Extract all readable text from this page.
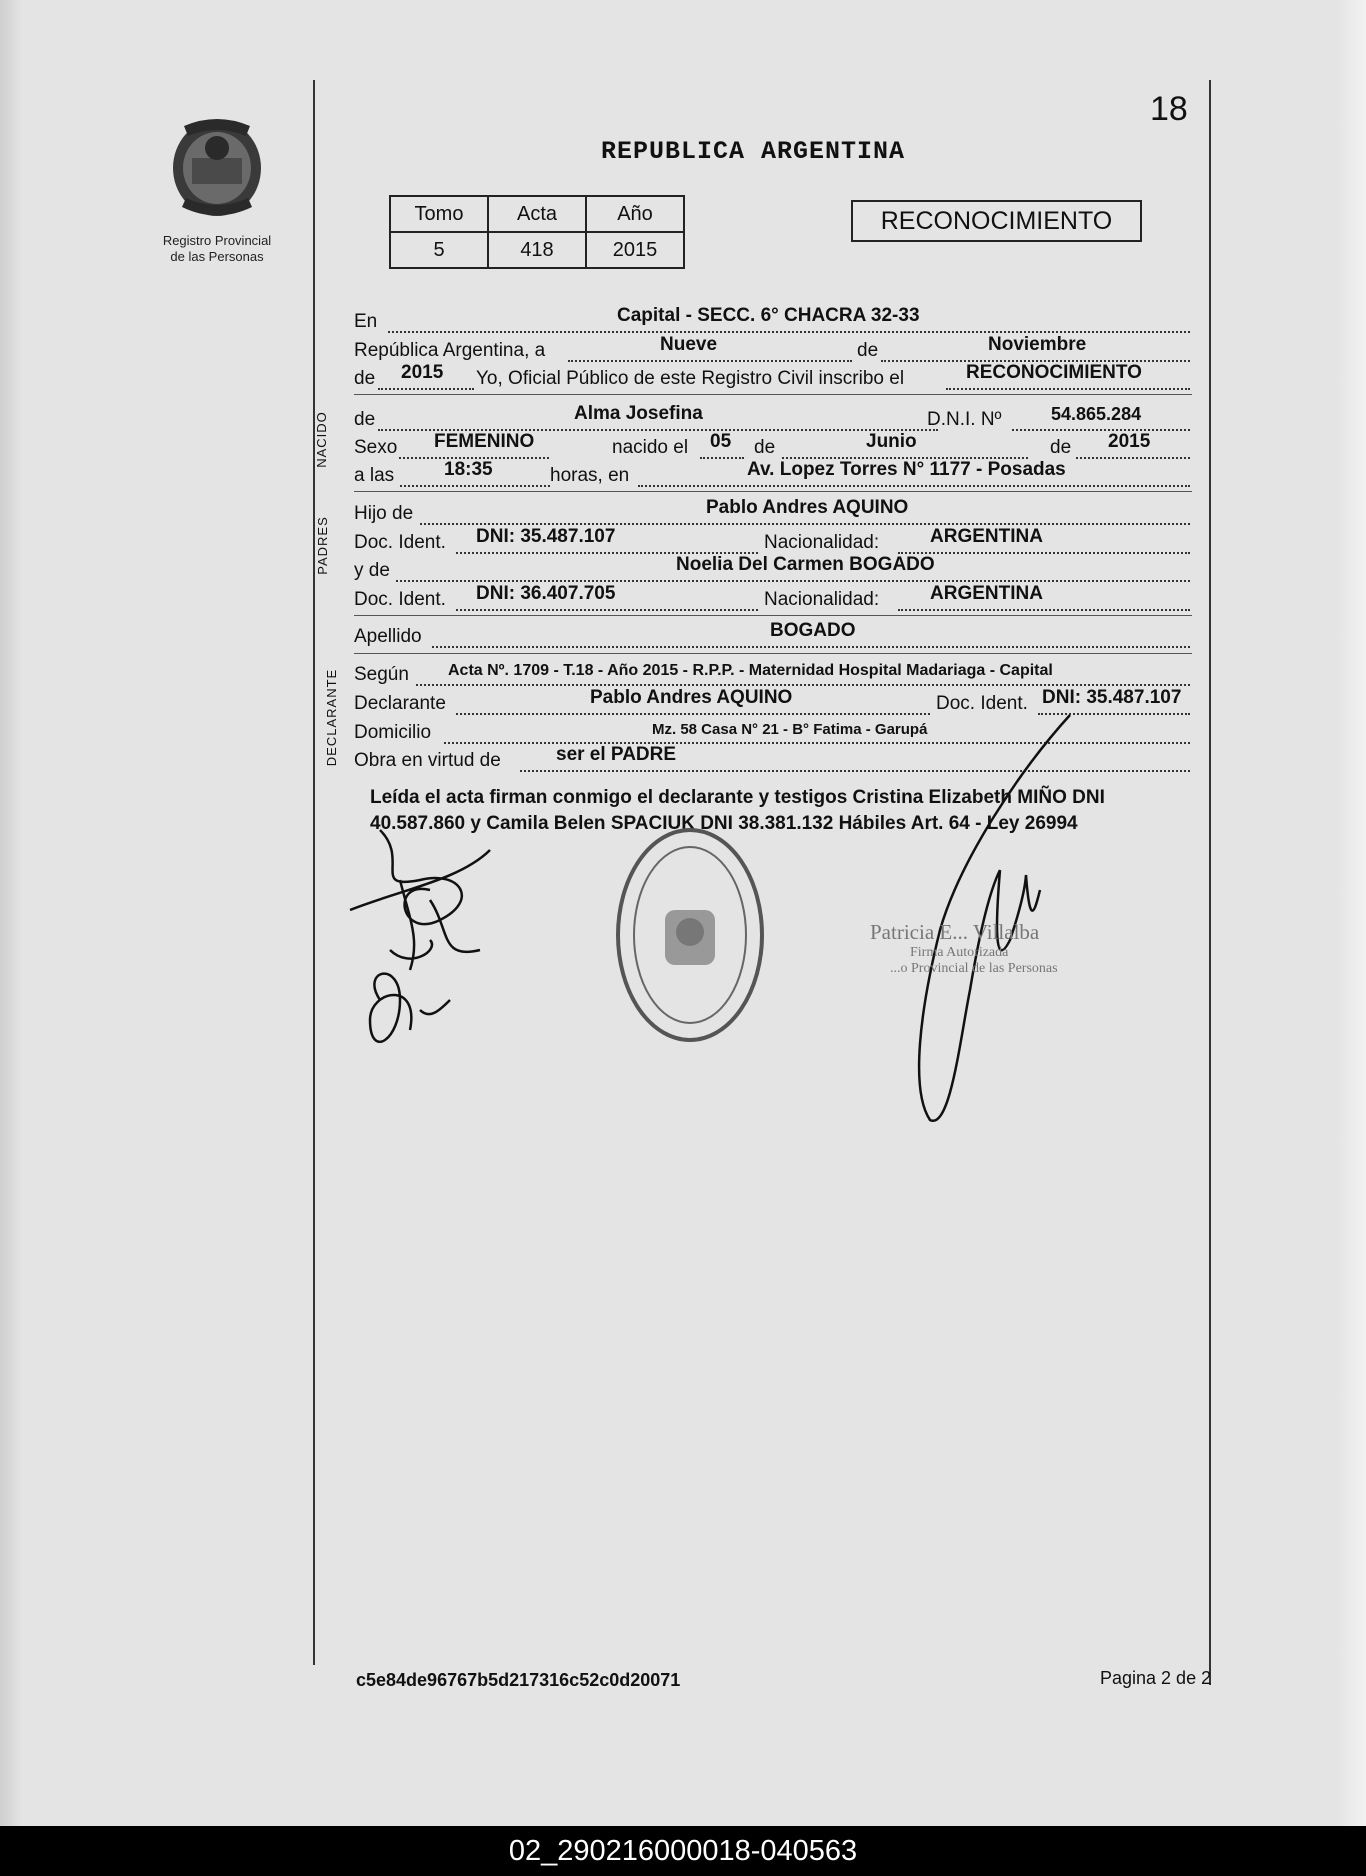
Registro Provincial
de las Personas
18
REPUBLICA ARGENTINA
Tomo	Acta	Año
5	418	2015
RECONOCIMIENTO
En	Capital - SECC. 6° CHACRA 32-33
República Argentina, a	Nueve	de	Noviembre
de 2015 Yo, Oficial Público de este Registro Civil inscribo el	RECONOCIMIENTO
NACIDO de	Alma Josefina	D.N.I. Nº	54.865.284
Sexo FEMENINO	nacido el 05 de	Junio	de 2015
a las	18:35	horas, en	Av. Lopez Torres N° 1177 - Posadas
PADRES
Hijo de	Pablo Andres AQUINO
Doc. Ident. DNI: 35.487.107	Nacionalidad:	ARGENTINA
y de	Noelia Del Carmen BOGADO
Doc. Ident. DNI: 36.407.705	Nacionalidad:	ARGENTINA
Apellido	BOGADO
DECLARANTE Según Acta Nº. 1709 - T.18 - Año 2015 - R.P.P. - Maternidad Hospital Madariaga - Capital
Declarante	Pablo Andres AQUINO	Doc. Ident. DNI: 35.487.107
Domicilio	Mz. 58 Casa N° 21 - B° Fatima - Garupá
Obra en virtud de	ser el PADRE
Leída el acta firman conmigo el declarante y testigos Cristina Elizabeth MIÑO DNI 40.587.860 y Camila Belen SPACIUK DNI 38.381.132 Hábiles Art. 64 - Ley 26994
Patricia E... Villalba
Firma Autorizada
...o Provincial de las Personas
c5e84de96767b5d217316c52c0d20071	Pagina 2 de 2
02_290216000018-040563
